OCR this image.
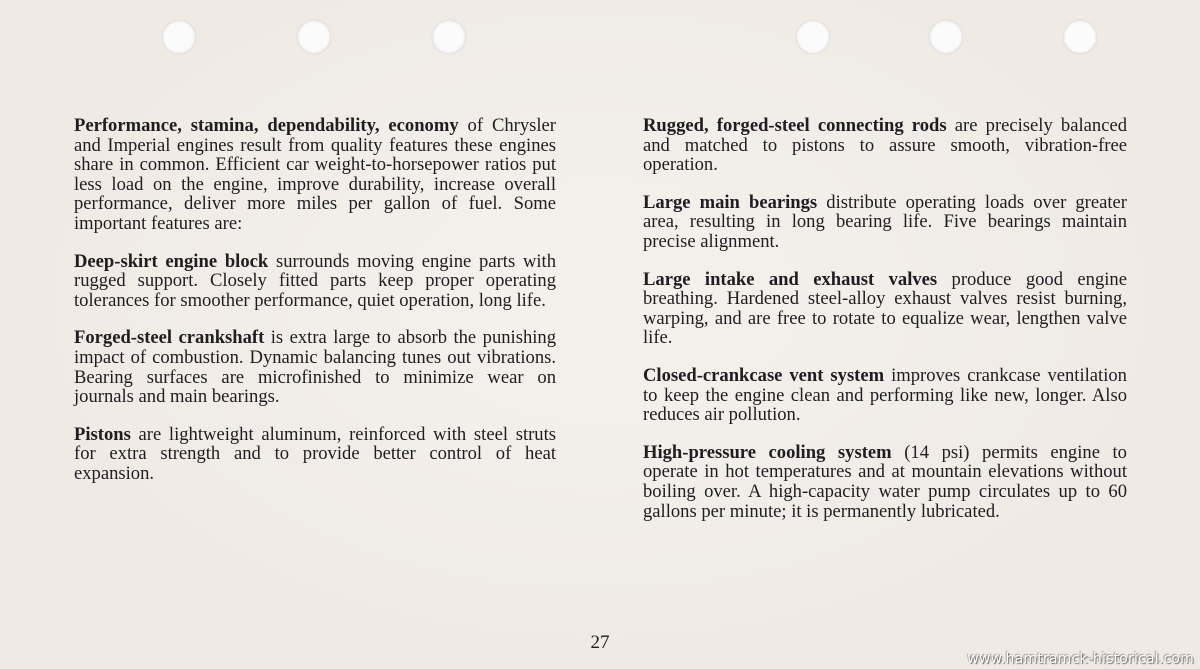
Performance, stamina, dependability, economy of Chrysler and Imperial engines result from quality features these engines share in common. Efficient car weight-to-horsepower ratios put less load on the engine, improve durability, increase overall performance, deliver more miles per gallon of fuel. Some important features are:

Deep-skirt engine block surrounds moving engine parts with rugged support. Closely fitted parts keep proper operating tolerances for smoother performance, quiet operation, long life.

Forged-steel crankshaft is extra large to absorb the punishing impact of combustion. Dynamic balancing tunes out vibrations. Bearing surfaces are microfinished to minimize wear on journals and main bearings.

Pistons are lightweight aluminum, reinforced with steel struts for extra strength and to provide better control of heat expansion.

Rugged, forged-steel connecting rods are precisely balanced and matched to pistons to assure smooth, vibration-free operation.

Large main bearings distribute operating loads over greater area, resulting in long bearing life. Five bearings maintain precise alignment.

Large intake and exhaust valves produce good engine breathing. Hardened steel-alloy exhaust valves resist burning, warping, and are free to rotate to equalize wear, lengthen valve life.

Closed-crankcase vent system improves crankcase ventilation to keep the engine clean and performing like new, longer. Also reduces air pollution.

High-pressure cooling system (14 psi) permits engine to operate in hot temperatures and at mountain elevations without boiling over. A high-capacity water pump circulates up to 60 gallons per minute; it is permanently lubricated.

27
www.hamtramck-historical.com
